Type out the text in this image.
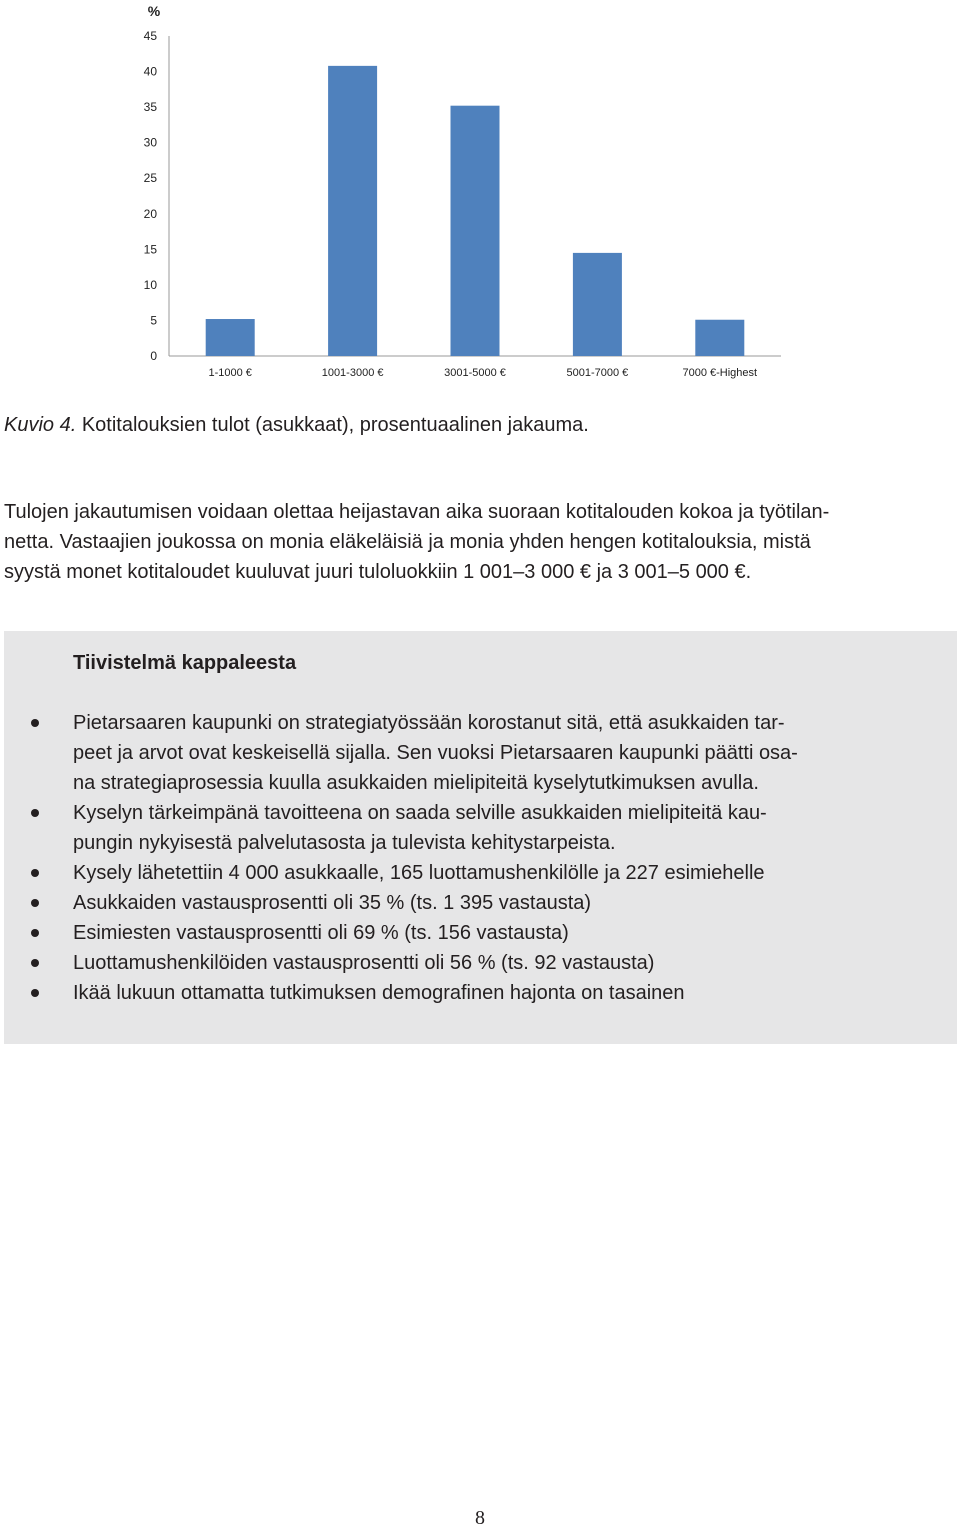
%
0
5
10
15
20
25
30
35
40
45
1-1000 €	1001-3000 €	3001-5000 €	5001-7000 €	7000 €-Highest
Kuvio 4. Kotitalouksien tulot (asukkaat), prosentuaalinen jakauma.

Tulojen jakautumisen voidaan olettaa heijastavan aika suoraan kotitalouden kokoa ja työtilan-
netta. Vastaajien joukossa on monia eläkeläisiä ja monia yhden hengen kotitalouksia, mistä
syystä monet kotitaloudet kuuluvat juuri tuloluokkiin 1 001–3 000 € ja 3 001–5 000 €.

Tiivistelmä kappaleesta
Pietarsaaren kaupunki on strategiatyössään korostanut sitä, että asukkaiden tar-
peet ja arvot ovat keskeisellä sijalla. Sen vuoksi Pietarsaaren kaupunki päätti osa-
na strategiaprosessia kuulla asukkaiden mielipiteitä kyselytutkimuksen avulla.
Kyselyn tärkeimpänä tavoitteena on saada selville asukkaiden mielipiteitä kau-
pungin nykyisestä palvelutasosta ja tulevista kehitystarpeista.
Kysely lähetettiin 4 000 asukkaalle, 165 luottamushenkilölle ja 227 esimiehelle
Asukkaiden vastausprosentti oli 35 % (ts. 1 395 vastausta)
Esimiesten vastausprosentti oli 69 % (ts. 156 vastausta)
Luottamushenkilöiden vastausprosentti oli 56 % (ts. 92 vastausta)
Ikää lukuun ottamatta tutkimuksen demografinen hajonta on tasainen
8
